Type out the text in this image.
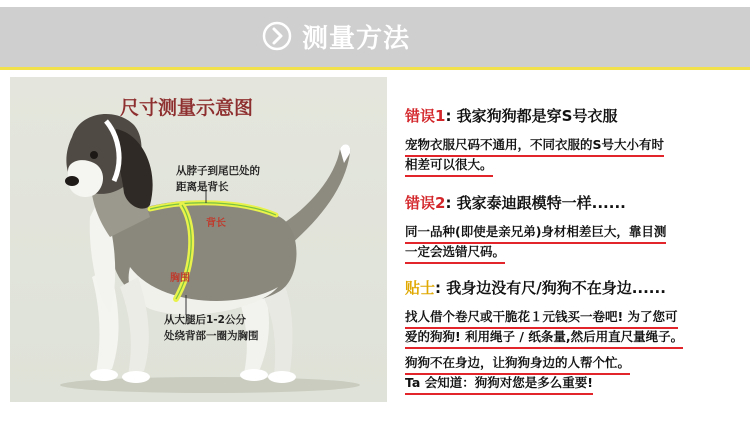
测量方法
尺寸测量示意图
从脖子到尾巴处的
距离是背长
背长
胸围
从大腿后1-2公分
处绕背部一圈为胸围
错误1: 我家狗狗都是穿S号衣服
宠物衣服尺码不通用，不同衣服的S号大小有时
相差可以很大。
错误2: 我家泰迪跟模特一样......
同一品种(即使是亲兄弟)身材相差巨大，靠目测
一定会选错尺码。
贴士: 我身边没有尺/狗狗不在身边......
找人借个卷尺或干脆花１元钱买一卷吧! 为了您可
爱的狗狗! 利用绳子 / 纸条量,然后用直尺量绳子。
狗狗不在身边，让狗狗身边的人帮个忙。
Ta 会知道：狗狗对您是多么重要!
